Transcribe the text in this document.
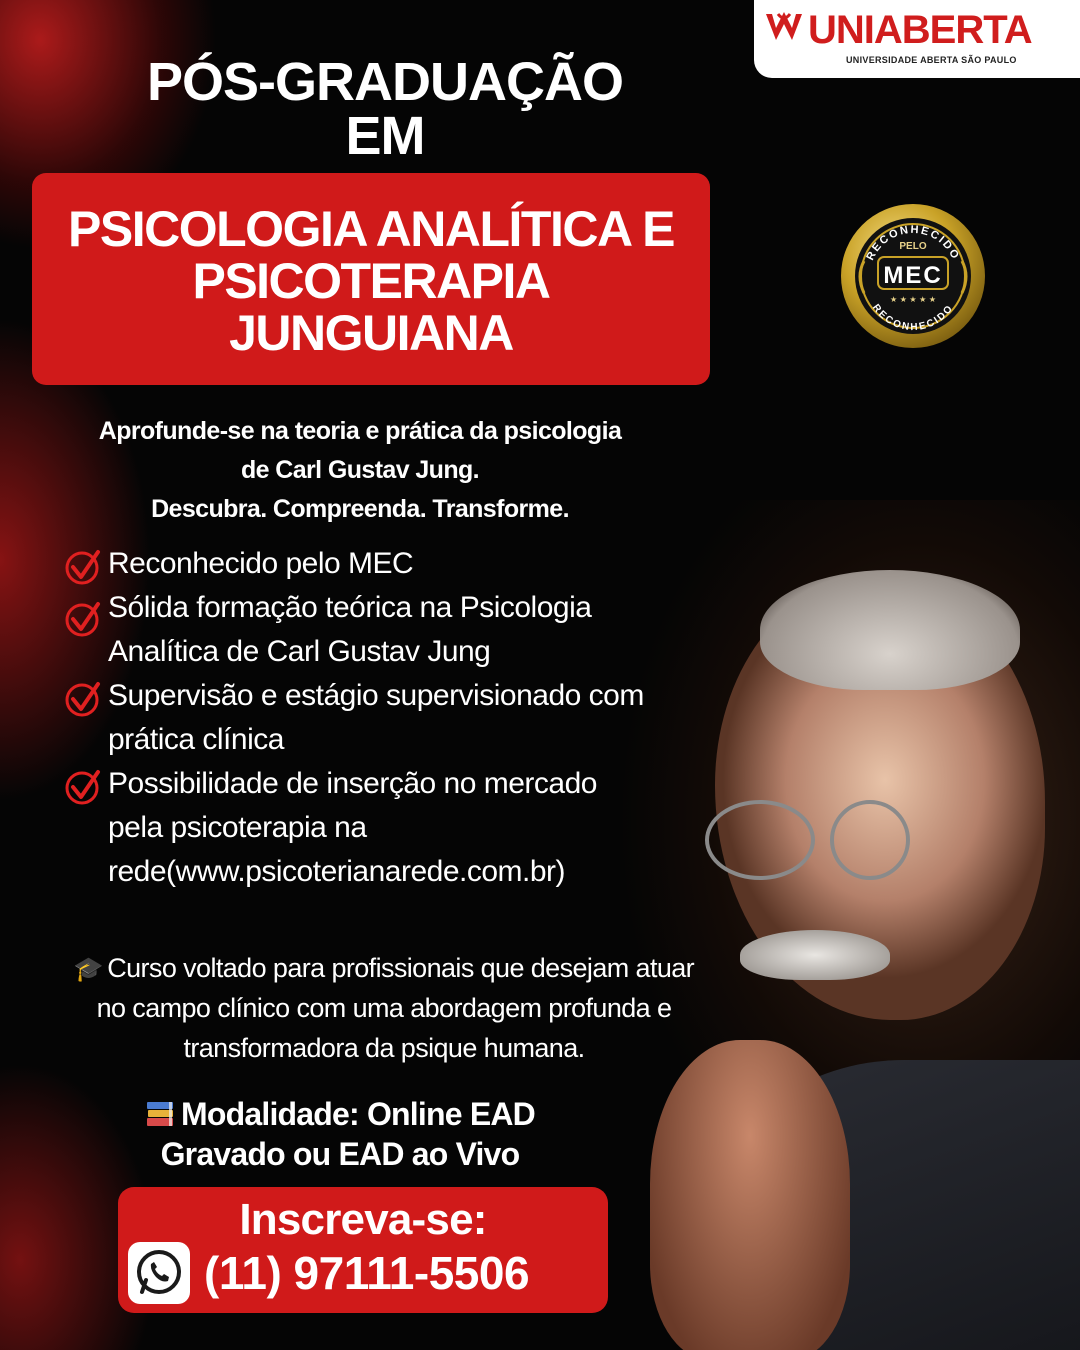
UNIABERTA
UNIVERSIDADE ABERTA SÃO PAULO
PÓS-GRADUAÇÃO
EM
PSICOLOGIA ANALÍTICA E
PSICOTERAPIA
JUNGUIANA
RECONHECIDO
PELO
MEC
★ ★ ★ ★ ★
RECONHECIDO
Aprofunde-se na teoria e prática da psicologia
de Carl Gustav Jung.
Descubra. Compreenda. Transforme.
Reconhecido pelo MEC
Sólida formação teórica na Psicologia
Analítica de Carl Gustav Jung
Supervisão e estágio supervisionado com
prática clínica
Possibilidade de inserção no mercado
pela psicoterapia na
rede(www.psicoterianarede.com.br)
🎓 Curso voltado para profissionais que desejam atuar
no campo clínico com uma abordagem profunda e
transformadora da psique humana.
Modalidade: Online EAD
Gravado ou EAD ao Vivo
Inscreva-se:
(11) 97111-5506
